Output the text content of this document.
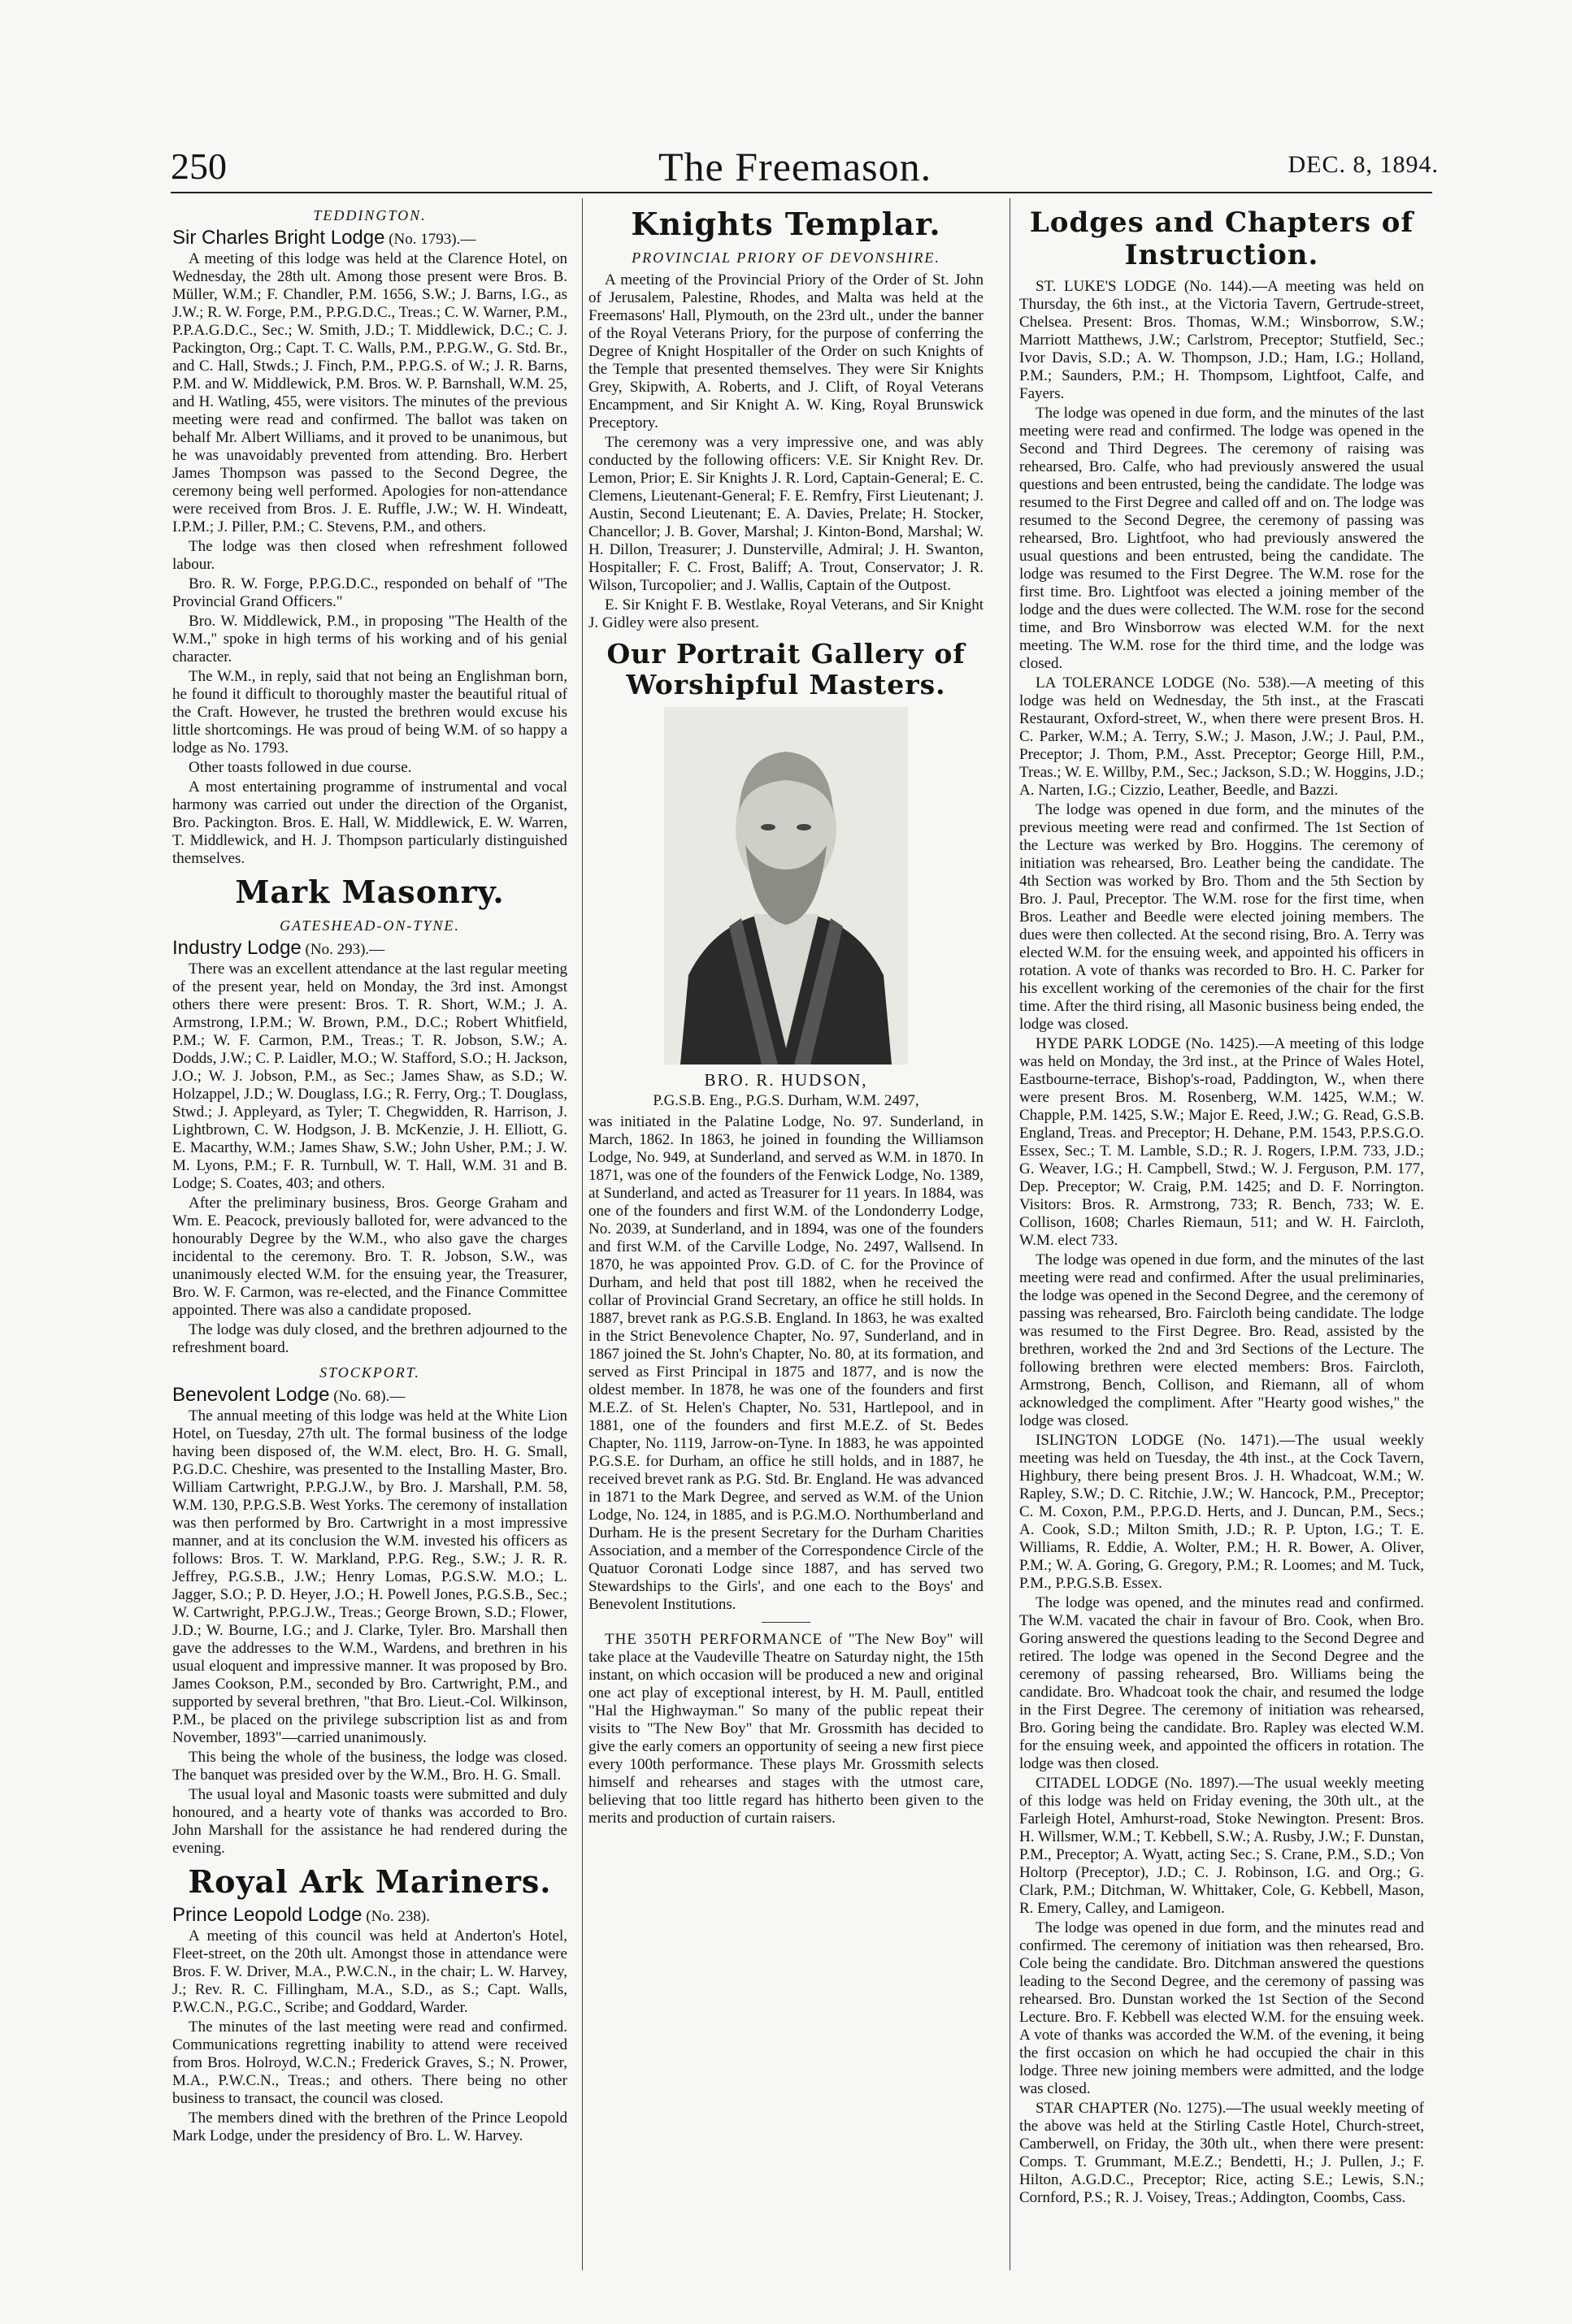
250	The Freemason.	DEC. 8, 1894.
TEDDINGTON.

Sir Charles Bright Lodge (No. 1793).—

A meeting of this lodge was held at the Clarence Hotel, on Wednesday, the 28th ult. Among those present were Bros. B. Müller, W.M.; F. Chandler, P.M. 1656, S.W.; J. Barns, I.G., as J.W.; R. W. Forge, P.M., P.P.G.D.C., Treas.; C. W. Warner, P.M., P.P.A.G.D.C., Sec.; W. Smith, J.D.; T. Middlewick, D.C.; C. J. Packington, Org.; Capt. T. C. Walls, P.M., P.P.G.W., G. Std. Br., and C. Hall, Stwds.; J. Finch, P.M., P.P.G.S. of W.; J. R. Barns, P.M. and W. Middlewick, P.M. Bros. W. P. Barnshall, W.M. 25, and H. Watling, 455, were visitors. The minutes of the previous meeting were read and confirmed. The ballot was taken on behalf Mr. Albert Williams, and it proved to be unanimous, but he was unavoidably prevented from attending. Bro. Herbert James Thompson was passed to the Second Degree, the ceremony being well performed. Apologies for non-attendance were received from Bros. J. E. Ruffle, J.W.; W. H. Windeatt, I.P.M.; J. Piller, P.M.; C. Stevens, P.M., and others.

The lodge was then closed when refreshment followed labour.

Bro. R. W. Forge, P.P.G.D.C., responded on behalf of "The Provincial Grand Officers."

Bro. W. Middlewick, P.M., in proposing "The Health of the W.M.," spoke in high terms of his working and of his genial character.

The W.M., in reply, said that not being an Englishman born, he found it difficult to thoroughly master the beautiful ritual of the Craft. However, he trusted the brethren would excuse his little shortcomings. He was proud of being W.M. of so happy a lodge as No. 1793.

Other toasts followed in due course.

A most entertaining programme of instrumental and vocal harmony was carried out under the direction of the Organist, Bro. Packington. Bros. E. Hall, W. Middlewick, E. W. Warren, T. Middlewick, and H. J. Thompson particularly distinguished themselves.

Mark Masonry.
GATESHEAD-ON-TYNE.

Industry Lodge (No. 293).—

There was an excellent attendance at the last regular meeting of the present year, held on Monday, the 3rd inst. Amongst others there were present: Bros. T. R. Short, W.M.; J. A. Armstrong, I.P.M.; W. Brown, P.M., D.C.; Robert Whitfield, P.M.; W. F. Carmon, P.M., Treas.; T. R. Jobson, S.W.; A. Dodds, J.W.; C. P. Laidler, M.O.; W. Stafford, S.O.; H. Jackson, J.O.; W. J. Jobson, P.M., as Sec.; James Shaw, as S.D.; W. Holzappel, J.D.; W. Douglass, I.G.; R. Ferry, Org.; T. Douglass, Stwd.; J. Appleyard, as Tyler; T. Chegwidden, R. Harrison, J. Lightbrown, C. W. Hodgson, J. B. McKenzie, J. H. Elliott, G. E. Macarthy, W.M.; James Shaw, S.W.; John Usher, P.M.; J. W. M. Lyons, P.M.; F. R. Turnbull, W. T. Hall, W.M. 31 and B. Lodge; S. Coates, 403; and others.

After the preliminary business, Bros. George Graham and Wm. E. Peacock, previously balloted for, were advanced to the honourably Degree by the W.M., who also gave the charges incidental to the ceremony. Bro. T. R. Jobson, S.W., was unanimously elected W.M. for the ensuing year, the Treasurer, Bro. W. F. Carmon, was re-elected, and the Finance Committee appointed. There was also a candidate proposed.

The lodge was duly closed, and the brethren adjourned to the refreshment board.

STOCKPORT.

Benevolent Lodge (No. 68).—

The annual meeting of this lodge was held at the White Lion Hotel, on Tuesday, 27th ult. The formal business of the lodge having been disposed of, the W.M. elect, Bro. H. G. Small, P.G.D.C. Cheshire, was presented to the Installing Master, Bro. William Cartwright, P.P.G.J.W., by Bro. J. Marshall, P.M. 58, W.M. 130, P.P.G.S.B. West Yorks. The ceremony of installation was then performed by Bro. Cartwright in a most impressive manner, and at its conclusion the W.M. invested his officers as follows: Bros. T. W. Markland, P.P.G. Reg., S.W.; J. R. R. Jeffrey, P.G.S.B., J.W.; Henry Lomas, P.G.S.W. M.O.; L. Jagger, S.O.; P. D. Heyer, J.O.; H. Powell Jones, P.G.S.B., Sec.; W. Cartwright, P.P.G.J.W., Treas.; George Brown, S.D.; Flower, J.D.; W. Bourne, I.G.; and J. Clarke, Tyler. Bro. Marshall then gave the addresses to the W.M., Wardens, and brethren in his usual eloquent and impressive manner. It was proposed by Bro. James Cookson, P.M., seconded by Bro. Cartwright, P.M., and supported by several brethren, "that Bro. Lieut.-Col. Wilkinson, P.M., be placed on the privilege subscription list as and from November, 1893"—carried unanimously.

This being the whole of the business, the lodge was closed. The banquet was presided over by the W.M., Bro. H. G. Small.

The usual loyal and Masonic toasts were submitted and duly honoured, and a hearty vote of thanks was accorded to Bro. John Marshall for the assistance he had rendered during the evening.

Royal Ark Mariners.

Prince Leopold Lodge (No. 238).

A meeting of this council was held at Anderton's Hotel, Fleet-street, on the 20th ult. Amongst those in attendance were Bros. F. W. Driver, M.A., P.W.C.N., in the chair; L. W. Harvey, J.; Rev. R. C. Fillingham, M.A., S.D., as S.; Capt. Walls, P.W.C.N., P.G.C., Scribe; and Goddard, Warder.

The minutes of the last meeting were read and confirmed. Communications regretting inability to attend were received from Bros. Holroyd, W.C.N.; Frederick Graves, S.; N. Prower, M.A., P.W.C.N., Treas.; and others. There being no other business to transact, the council was closed.

The members dined with the brethren of the Prince Leopold Mark Lodge, under the presidency of Bro. L. W. Harvey.

Knights Templar.
PROVINCIAL PRIORY OF DEVONSHIRE.

A meeting of the Provincial Priory of the Order of St. John of Jerusalem, Palestine, Rhodes, and Malta was held at the Freemasons' Hall, Plymouth, on the 23rd ult., under the banner of the Royal Veterans Priory, for the purpose of conferring the Degree of Knight Hospitaller of the Order on such Knights of the Temple that presented themselves. They were Sir Knights Grey, Skipwith, A. Roberts, and J. Clift, of Royal Veterans Encampment, and Sir Knight A. W. King, Royal Brunswick Preceptory.

The ceremony was a very impressive one, and was ably conducted by the following officers: V.E. Sir Knight Rev. Dr. Lemon, Prior; E. Sir Knights J. R. Lord, Captain-General; E. C. Clemens, Lieutenant-General; F. E. Remfry, First Lieutenant; J. Austin, Second Lieutenant; E. A. Davies, Prelate; H. Stocker, Chancellor; J. B. Gover, Marshal; J. Kinton-Bond, Marshal; W. H. Dillon, Treasurer; J. Dunsterville, Admiral; J. H. Swanton, Hospitaller; F. C. Frost, Baliff; A. Trout, Conservator; J. R. Wilson, Turcopolier; and J. Wallis, Captain of the Outpost.

E. Sir Knight F. B. Westlake, Royal Veterans, and Sir Knight J. Gidley were also present.

Our Portrait Gallery of Worshipful Masters.
BRO. R. HUDSON,
P.G.S.B. Eng., P.G.S. Durham, W.M. 2497,

was initiated in the Palatine Lodge, No. 97. Sunderland, in March, 1862. In 1863, he joined in founding the Williamson Lodge, No. 949, at Sunderland, and served as W.M. in 1870. In 1871, was one of the founders of the Fenwick Lodge, No. 1389, at Sunderland, and acted as Treasurer for 11 years. In 1884, was one of the founders and first W.M. of the Londonderry Lodge, No. 2039, at Sunderland, and in 1894, was one of the founders and first W.M. of the Carville Lodge, No. 2497, Wallsend. In 1870, he was appointed Prov. G.D. of C. for the Province of Durham, and held that post till 1882, when he received the collar of Provincial Grand Secretary, an office he still holds. In 1887, brevet rank as P.G.S.B. England. In 1863, he was exalted in the Strict Benevolence Chapter, No. 97, Sunderland, and in 1867 joined the St. John's Chapter, No. 80, at its formation, and served as First Principal in 1875 and 1877, and is now the oldest member. In 1878, he was one of the founders and first M.E.Z. of St. Helen's Chapter, No. 531, Hartlepool, and in 1881, one of the founders and first M.E.Z. of St. Bedes Chapter, No. 1119, Jarrow-on-Tyne. In 1883, he was appointed P.G.S.E. for Durham, an office he still holds, and in 1887, he received brevet rank as P.G. Std. Br. England. He was advanced in 1871 to the Mark Degree, and served as W.M. of the Union Lodge, No. 124, in 1885, and is P.G.M.O. Northumberland and Durham. He is the present Secretary for the Durham Charities Association, and a member of the Correspondence Circle of the Quatuor Coronati Lodge since 1887, and has served two Stewardships to the Girls', and one each to the Boys' and Benevolent Institutions.

THE 350TH PERFORMANCE of "The New Boy" will take place at the Vaudeville Theatre on Saturday night, the 15th instant, on which occasion will be produced a new and original one act play of exceptional interest, by H. M. Paull, entitled "Hal the Highwayman." So many of the public repeat their visits to "The New Boy" that Mr. Grossmith has decided to give the early comers an opportunity of seeing a new first piece every 100th performance. These plays Mr. Grossmith selects himself and rehearses and stages with the utmost care, believing that too little regard has hitherto been given to the merits and production of curtain raisers.

Lodges and Chapters of Instruction.

ST. LUKE'S LODGE (No. 144).—A meeting was held on Thursday, the 6th inst., at the Victoria Tavern, Gertrude-street, Chelsea. Present: Bros. Thomas, W.M.; Winsborrow, S.W.; Marriott Matthews, J.W.; Carlstrom, Preceptor; Stutfield, Sec.; Ivor Davis, S.D.; A. W. Thompson, J.D.; Ham, I.G.; Holland, P.M.; Saunders, P.M.; H. Thompsom, Lightfoot, Calfe, and Fayers.

The lodge was opened in due form, and the minutes of the last meeting were read and confirmed. The lodge was opened in the Second and Third Degrees. The ceremony of raising was rehearsed, Bro. Calfe, who had previously answered the usual questions and been entrusted, being the candidate. The lodge was resumed to the First Degree and called off and on. The lodge was resumed to the Second Degree, the ceremony of passing was rehearsed, Bro. Lightfoot, who had previously answered the usual questions and been entrusted, being the candidate. The lodge was resumed to the First Degree. The W.M. rose for the first time. Bro. Lightfoot was elected a joining member of the lodge and the dues were collected. The W.M. rose for the second time, and Bro Winsborrow was elected W.M. for the next meeting. The W.M. rose for the third time, and the lodge was closed.

LA TOLERANCE LODGE (No. 538).—A meeting of this lodge was held on Wednesday, the 5th inst., at the Frascati Restaurant, Oxford-street, W., when there were present Bros. H. C. Parker, W.M.; A. Terry, S.W.; J. Mason, J.W.; J. Paul, P.M., Preceptor; J. Thom, P.M., Asst. Preceptor; George Hill, P.M., Treas.; W. E. Willby, P.M., Sec.; Jackson, S.D.; W. Hoggins, J.D.; A. Narten, I.G.; Cizzio, Leather, Beedle, and Bazzi.

The lodge was opened in due form, and the minutes of the previous meeting were read and confirmed. The 1st Section of the Lecture was werked by Bro. Hoggins. The ceremony of initiation was rehearsed, Bro. Leather being the candidate. The 4th Section was worked by Bro. Thom and the 5th Section by Bro. J. Paul, Preceptor. The W.M. rose for the first time, when Bros. Leather and Beedle were elected joining members. The dues were then collected. At the second rising, Bro. A. Terry was elected W.M. for the ensuing week, and appointed his officers in rotation. A vote of thanks was recorded to Bro. H. C. Parker for his excellent working of the ceremonies of the chair for the first time. After the third rising, all Masonic business being ended, the lodge was closed.

HYDE PARK LODGE (No. 1425).—A meeting of this lodge was held on Monday, the 3rd inst., at the Prince of Wales Hotel, Eastbourne-terrace, Bishop's-road, Paddington, W., when there were present Bros. M. Rosenberg, W.M. 1425, W.M.; W. Chapple, P.M. 1425, S.W.; Major E. Reed, J.W.; G. Read, G.S.B. England, Treas. and Preceptor; H. Dehane, P.M. 1543, P.P.S.G.O. Essex, Sec.; T. M. Lamble, S.D.; R. J. Rogers, I.P.M. 733, J.D.; G. Weaver, I.G.; H. Campbell, Stwd.; W. J. Ferguson, P.M. 177, Dep. Preceptor; W. Craig, P.M. 1425; and D. F. Norrington. Visitors: Bros. R. Armstrong, 733; R. Bench, 733; W. E. Collison, 1608; Charles Riemaun, 511; and W. H. Faircloth, W.M. elect 733.

The lodge was opened in due form, and the minutes of the last meeting were read and confirmed. After the usual preliminaries, the lodge was opened in the Second Degree, and the ceremony of passing was rehearsed, Bro. Faircloth being candidate. The lodge was resumed to the First Degree. Bro. Read, assisted by the brethren, worked the 2nd and 3rd Sections of the Lecture. The following brethren were elected members: Bros. Faircloth, Armstrong, Bench, Collison, and Riemann, all of whom acknowledged the compliment. After "Hearty good wishes," the lodge was closed.

ISLINGTON LODGE (No. 1471).—The usual weekly meeting was held on Tuesday, the 4th inst., at the Cock Tavern, Highbury, there being present Bros. J. H. Whadcoat, W.M.; W. Rapley, S.W.; D. C. Ritchie, J.W.; W. Hancock, P.M., Preceptor; C. M. Coxon, P.M., P.P.G.D. Herts, and J. Duncan, P.M., Secs.; A. Cook, S.D.; Milton Smith, J.D.; R. P. Upton, I.G.; T. E. Williams, R. Eddie, A. Wolter, P.M.; H. R. Bower, A. Oliver, P.M.; W. A. Goring, G. Gregory, P.M.; R. Loomes; and M. Tuck, P.M., P.P.G.S.B. Essex.

The lodge was opened, and the minutes read and confirmed. The W.M. vacated the chair in favour of Bro. Cook, when Bro. Goring answered the questions leading to the Second Degree and retired. The lodge was opened in the Second Degree and the ceremony of passing rehearsed, Bro. Williams being the candidate. Bro. Whadcoat took the chair, and resumed the lodge in the First Degree. The ceremony of initiation was rehearsed, Bro. Goring being the candidate. Bro. Rapley was elected W.M. for the ensuing week, and appointed the officers in rotation. The lodge was then closed.

CITADEL LODGE (No. 1897).—The usual weekly meeting of this lodge was held on Friday evening, the 30th ult., at the Farleigh Hotel, Amhurst-road, Stoke Newington. Present: Bros. H. Willsmer, W.M.; T. Kebbell, S.W.; A. Rusby, J.W.; F. Dunstan, P.M., Preceptor; A. Wyatt, acting Sec.; S. Crane, P.M., S.D.; Von Holtorp (Preceptor), J.D.; C. J. Robinson, I.G. and Org.; G. Clark, P.M.; Ditchman, W. Whittaker, Cole, G. Kebbell, Mason, R. Emery, Calley, and Lamigeon.

The lodge was opened in due form, and the minutes read and confirmed. The ceremony of initiation was then rehearsed, Bro. Cole being the candidate. Bro. Ditchman answered the questions leading to the Second Degree, and the ceremony of passing was rehearsed. Bro. Dunstan worked the 1st Section of the Second Lecture. Bro. F. Kebbell was elected W.M. for the ensuing week. A vote of thanks was accorded the W.M. of the evening, it being the first occasion on which he had occupied the chair in this lodge. Three new joining members were admitted, and the lodge was closed.

STAR CHAPTER (No. 1275).—The usual weekly meeting of the above was held at the Stirling Castle Hotel, Church-street, Camberwell, on Friday, the 30th ult., when there were present: Comps. T. Grummant, M.E.Z.; Bendetti, H.; J. Pullen, J.; F. Hilton, A.G.D.C., Preceptor; Rice, acting S.E.; Lewis, S.N.; Cornford, P.S.; R. J. Voisey, Treas.; Addington, Coombs, Cass.
